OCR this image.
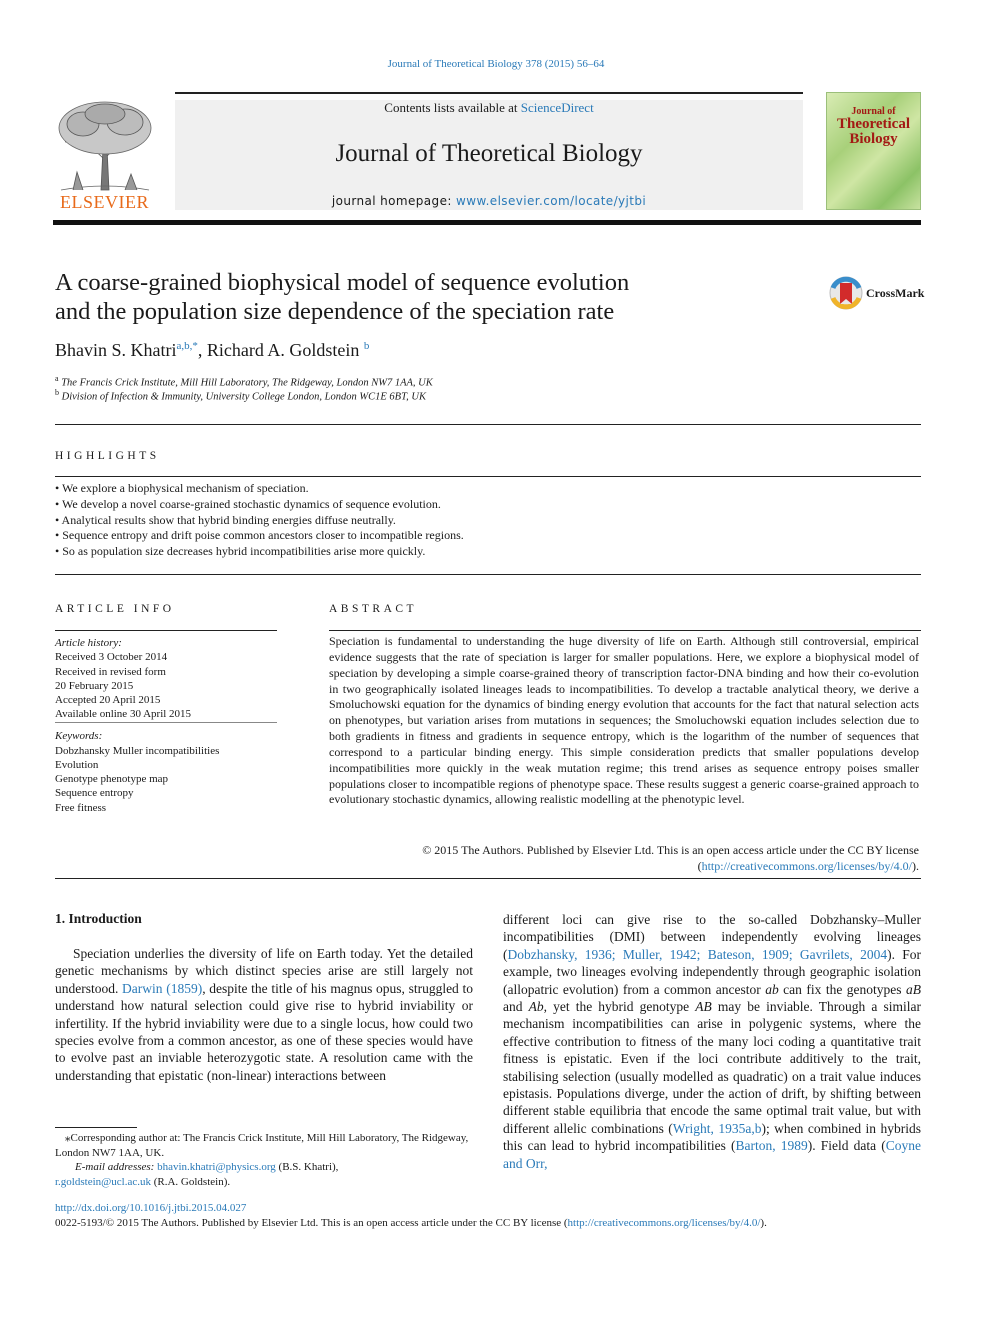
Journal of Theoretical Biology 378 (2015) 56–64
ELSEVIER
Contents lists available at ScienceDirect
Journal of Theoretical Biology
journal homepage: www.elsevier.com/locate/yjtbi
Journal of
Theoretical
Biology
A coarse-grained biophysical model of sequence evolution
and the population size dependence of the speciation rate
CrossMark
Bhavin S. Khatri$^{a,b,*}$, Richard A. Goldstein $^b$
$^a$ The Francis Crick Institute, Mill Hill Laboratory, The Ridgeway, London NW7 1AA, UK
$^b$ Division of Infection & Immunity, University College London, London WC1E 6BT, UK
HIGHLIGHTS
• We explore a biophysical mechanism of speciation.
• We develop a novel coarse-grained stochastic dynamics of sequence evolution.
• Analytical results show that hybrid binding energies diffuse neutrally.
• Sequence entropy and drift poise common ancestors closer to incompatible regions.
• So as population size decreases hybrid incompatibilities arise more quickly.
ARTICLE INFO
Article history:
Received 3 October 2014
Received in revised form
20 February 2015
Accepted 20 April 2015
Available online 30 April 2015
Keywords:
Dobzhansky Muller incompatibilities
Evolution
Genotype phenotype map
Sequence entropy
Free fitness
ABSTRACT
Speciation is fundamental to understanding the huge diversity of life on Earth. Although still controversial, empirical evidence suggests that the rate of speciation is larger for smaller populations. Here, we explore a biophysical model of speciation by developing a simple coarse-grained theory of transcription factor-DNA binding and how their co-evolution in two geographically isolated lineages leads to incompatibilities. To develop a tractable analytical theory, we derive a Smoluchowski equation for the dynamics of binding energy evolution that accounts for the fact that natural selection acts on phenotypes, but variation arises from mutations in sequences; the Smoluchowski equation includes selection due to both gradients in fitness and gradients in sequence entropy, which is the logarithm of the number of sequences that correspond to a particular binding energy. This simple consideration predicts that smaller populations develop incompatibilities more quickly in the weak mutation regime; this trend arises as sequence entropy poises smaller populations closer to incompatible regions of phenotype space. These results suggest a generic coarse-grained approach to evolutionary stochastic dynamics, allowing realistic modelling at the phenotypic level.
© 2015 The Authors. Published by Elsevier Ltd. This is an open access article under the CC BY license
(http://creativecommons.org/licenses/by/4.0/).
1. Introduction
Speciation underlies the diversity of life on Earth today. Yet the detailed genetic mechanisms by which distinct species arise are still largely not understood. Darwin (1859), despite the title of his magnus opus, struggled to understand how natural selection could give rise to hybrid inviability or infertility. If the hybrid inviability were due to a single locus, how could two species evolve from a common ancestor, as one of these species would have to evolve past an inviable heterozygotic state. A resolution came with the understanding that epistatic (non-linear) interactions between
different loci can give rise to the so-called Dobzhansky–Muller incompatibilities (DMI) between independently evolving lineages (Dobzhansky, 1936; Muller, 1942; Bateson, 1909; Gavrilets, 2004). For example, two lineages evolving independently through geographic isolation (allopatric evolution) from a common ancestor ab can fix the genotypes aB and Ab, yet the hybrid genotype AB may be inviable. Through a similar mechanism incompatibilities can arise in polygenic systems, where the effective contribution to fitness of the many loci coding a quantitative trait fitness is epistatic. Even if the loci contribute additively to the trait, stabilising selection (usually modelled as quadratic) on a trait value induces epistasis. Populations diverge, under the action of drift, by shifting between different stable equilibria that encode the same optimal trait value, but with different allelic combinations (Wright, 1935a,b); when combined in hybrids this can lead to hybrid incompatibilities (Barton, 1989). Field data (Coyne and Orr,
⁎Corresponding author at: The Francis Crick Institute, Mill Hill Laboratory, The Ridgeway, London NW7 1AA, UK.
E-mail addresses: bhavin.khatri@physics.org (B.S. Khatri),
r.goldstein@ucl.ac.uk (R.A. Goldstein).
http://dx.doi.org/10.1016/j.jtbi.2015.04.027
0022-5193/© 2015 The Authors. Published by Elsevier Ltd. This is an open access article under the CC BY license (http://creativecommons.org/licenses/by/4.0/).
